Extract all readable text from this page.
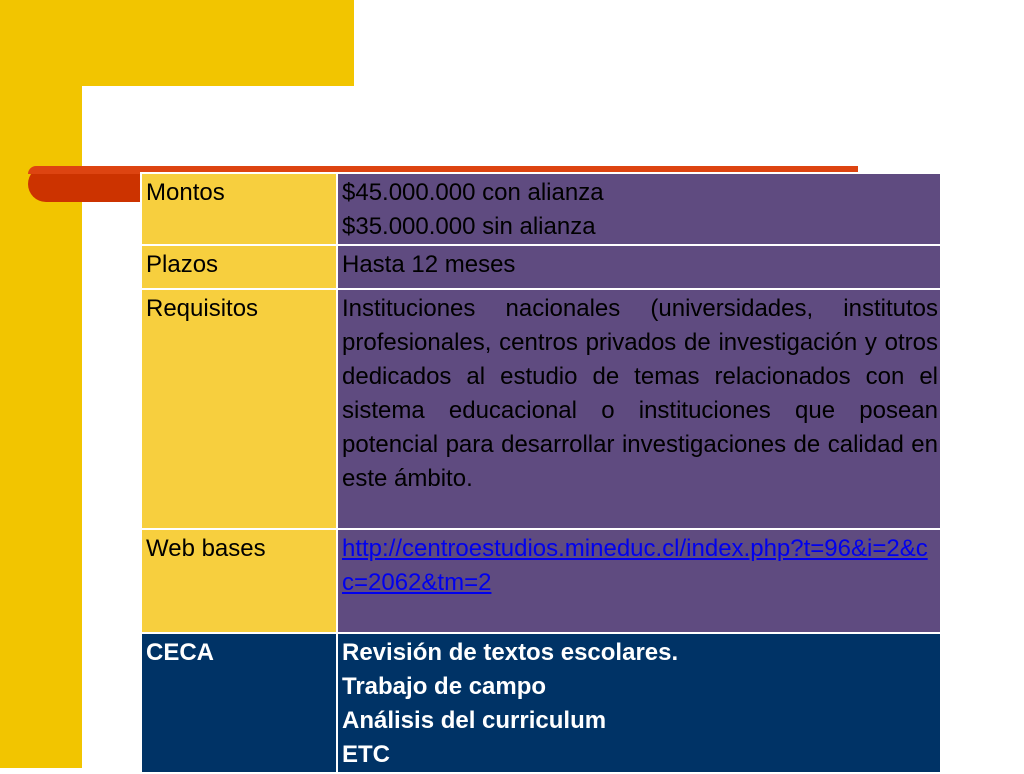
Montos	$45.000.000 con alianza
$35.000.000 sin alianza

Plazos	Hasta 12 meses

Requisitos	Instituciones nacionales (universidades, institutos profesionales, centros privados de investigación y otros dedicados al estudio de temas relacionados con el sistema educacional o instituciones que posean potencial para desarrollar investigaciones de calidad en este ámbito.
Web bases	http://centroestudios.mineduc.cl/index.php?t=96&i=2&cc=2062&tm=2
CECA	Revisión de textos escolares.
Trabajo de campo
Análisis del curriculum
ETC
